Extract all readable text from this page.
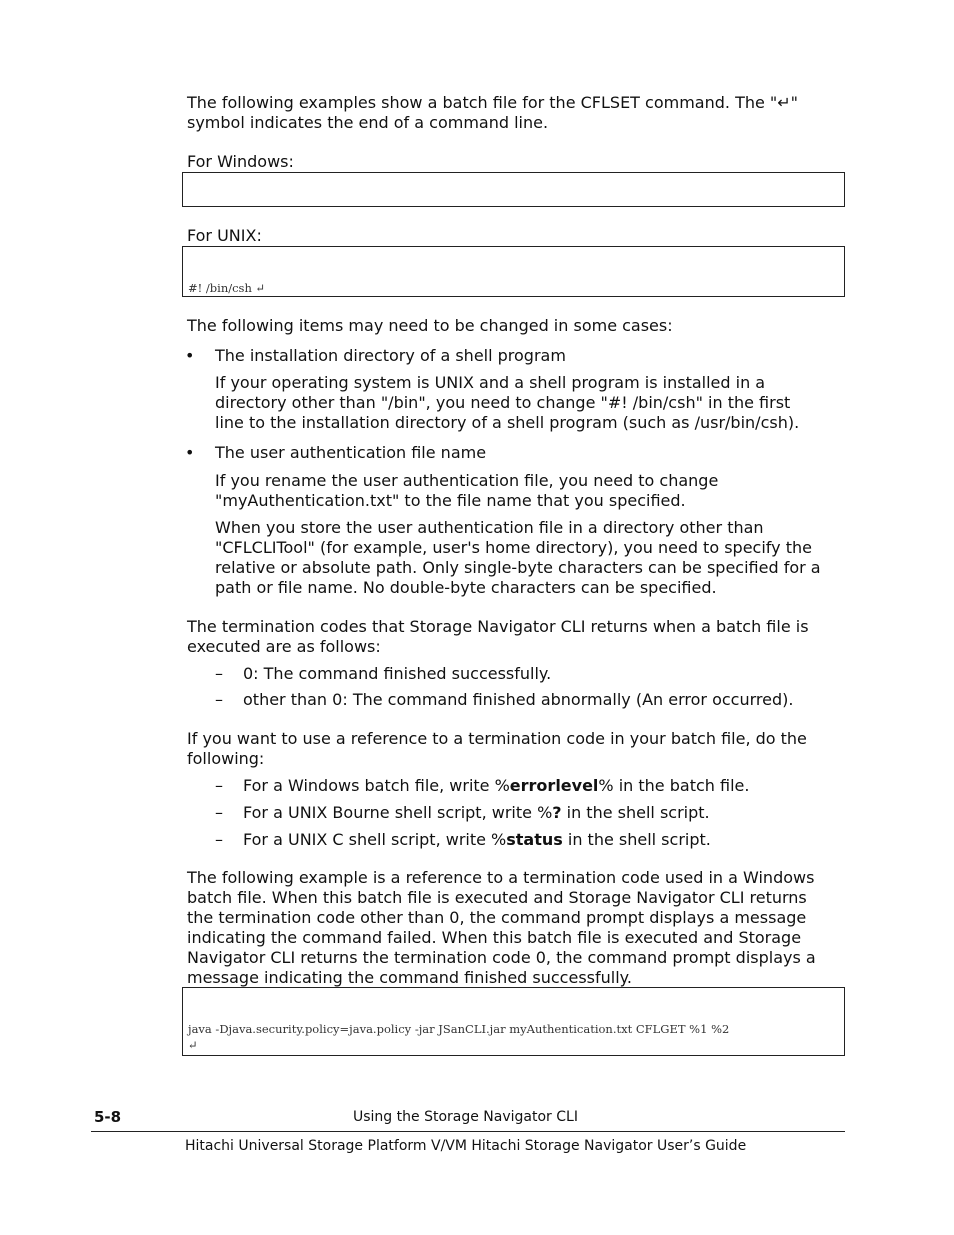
The following examples show a batch file for the CFLSET command. The "↵"
symbol indicates the end of a command line.

For Windows:

For UNIX:

#! /bin/csh ↵

The following items may need to be changed in some cases:

• The installation directory of a shell program

If your operating system is UNIX and a shell program is installed in a
directory other than "/bin", you need to change "#! /bin/csh" in the first
line to the installation directory of a shell program (such as /usr/bin/csh).

• The user authentication file name

If you rename the user authentication file, you need to change
"myAuthentication.txt" to the file name that you specified.

When you store the user authentication file in a directory other than
"CFLCLITool" (for example, user's home directory), you need to specify the
relative or absolute path. Only single-byte characters can be specified for a
path or file name. No double-byte characters can be specified.

The termination codes that Storage Navigator CLI returns when a batch file is
executed are as follows:

– 0: The command finished successfully.
– other than 0: The command finished abnormally (An error occurred).

If you want to use a reference to a termination code in your batch file, do the
following:

– For a Windows batch file, write %errorlevel% in the batch file.
– For a UNIX Bourne shell script, write %? in the shell script.
– For a UNIX C shell script, write %status in the shell script.

The following example is a reference to a termination code used in a Windows
batch file. When this batch file is executed and Storage Navigator CLI returns
the termination code other than 0, the command prompt displays a message
indicating the command failed. When this batch file is executed and Storage
Navigator CLI returns the termination code 0, the command prompt displays a
message indicating the command finished successfully.

java -Djava.security.policy=java.policy -jar JSanCLI.jar myAuthentication.txt CFLGET %1 %2
↵

5-8	Using the Storage Navigator CLI
Hitachi Universal Storage Platform V/VM Hitachi Storage Navigator User’s Guide
